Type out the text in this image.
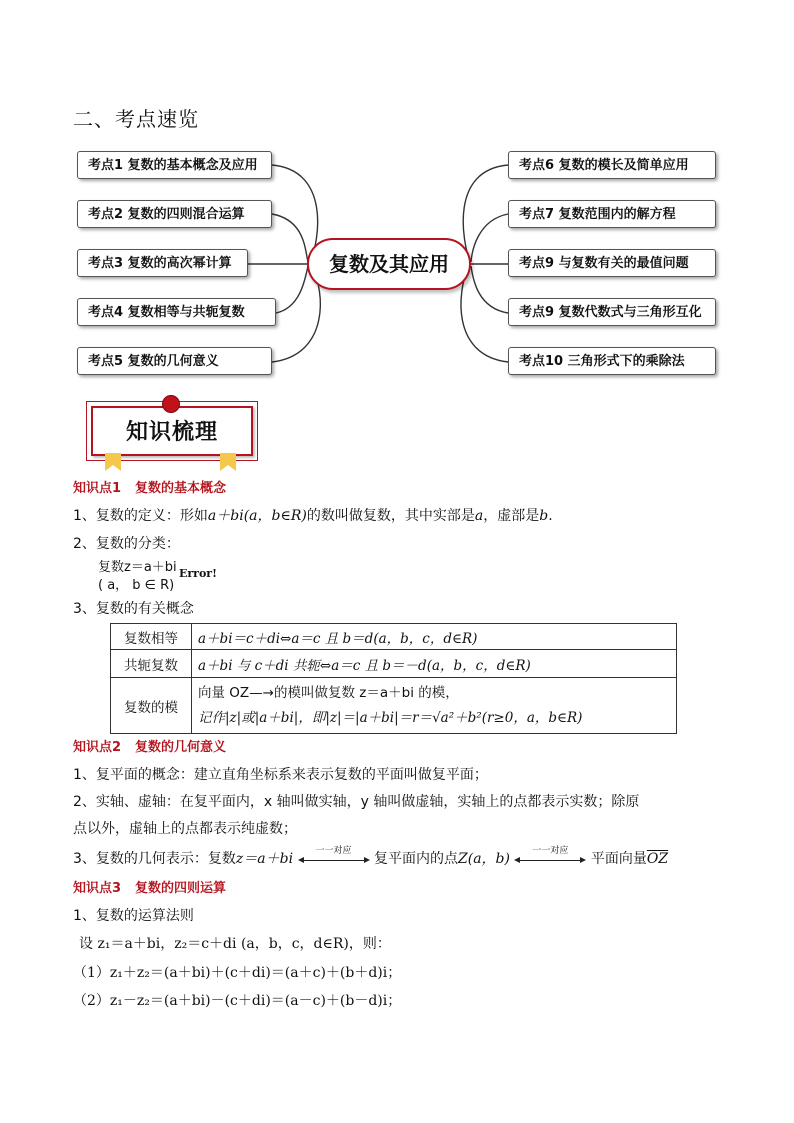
二、考点速览
考点1 复数的基本概念及应用
考点2 复数的四则混合运算
考点3 复数的高次幂计算
考点4 复数相等与共轭复数
考点5 复数的几何意义
考点6 复数的模长及简单应用
考点7 复数范围内的解方程
考点9 与复数有关的最值问题
考点9 复数代数式与三角形互化
考点10 三角形式下的乘除法
复数及其应用
知识梳理
知识点1 复数的基本概念
1、复数的定义：形如a＋bi(a，b∈R)的数叫做复数，其中实部是a，虚部是b.
2、复数的分类：
复数z＝a＋bi
( a， b ∈ R)
Error!
3、复数的有关概念
复数相等	a＋bi＝c＋di⇔a＝c 且 b＝d(a，b，c，d∈R)
共轭复数	a＋bi 与 c＋di 共轭⇔a＝c 且 b＝－d(a，b，c，d∈R)
复数的模	向量 OZ—→的模叫做复数 z＝a＋bi 的模，
记作|z|或|a＋bi|，即|z|＝|a＋bi|＝r＝√a²＋b²(r≥0，a，b∈R)
知识点2 复数的几何意义
1、复平面的概念：建立直角坐标系来表示复数的平面叫做复平面；
2、实轴、虚轴：在复平面内，x 轴叫做实轴，y 轴叫做虚轴，实轴上的点都表示实数；除原
点以外，虚轴上的点都表示纯虚数；
3、复数的几何表示：复数z＝a＋bi	一一对应	复平面内的点Z(a，b)	一一对应	平面向量$\overline{OZ}$
知识点3 复数的四则运算
1、复数的运算法则
设 z₁＝a＋bi，z₂＝c＋di (a，b，c，d∈R)，则：
（1）z₁＋z₂＝(a＋bi)＋(c＋di)＝(a＋c)＋(b＋d)i；
（2）z₁－z₂＝(a＋bi)－(c＋di)＝(a－c)＋(b－d)i；
